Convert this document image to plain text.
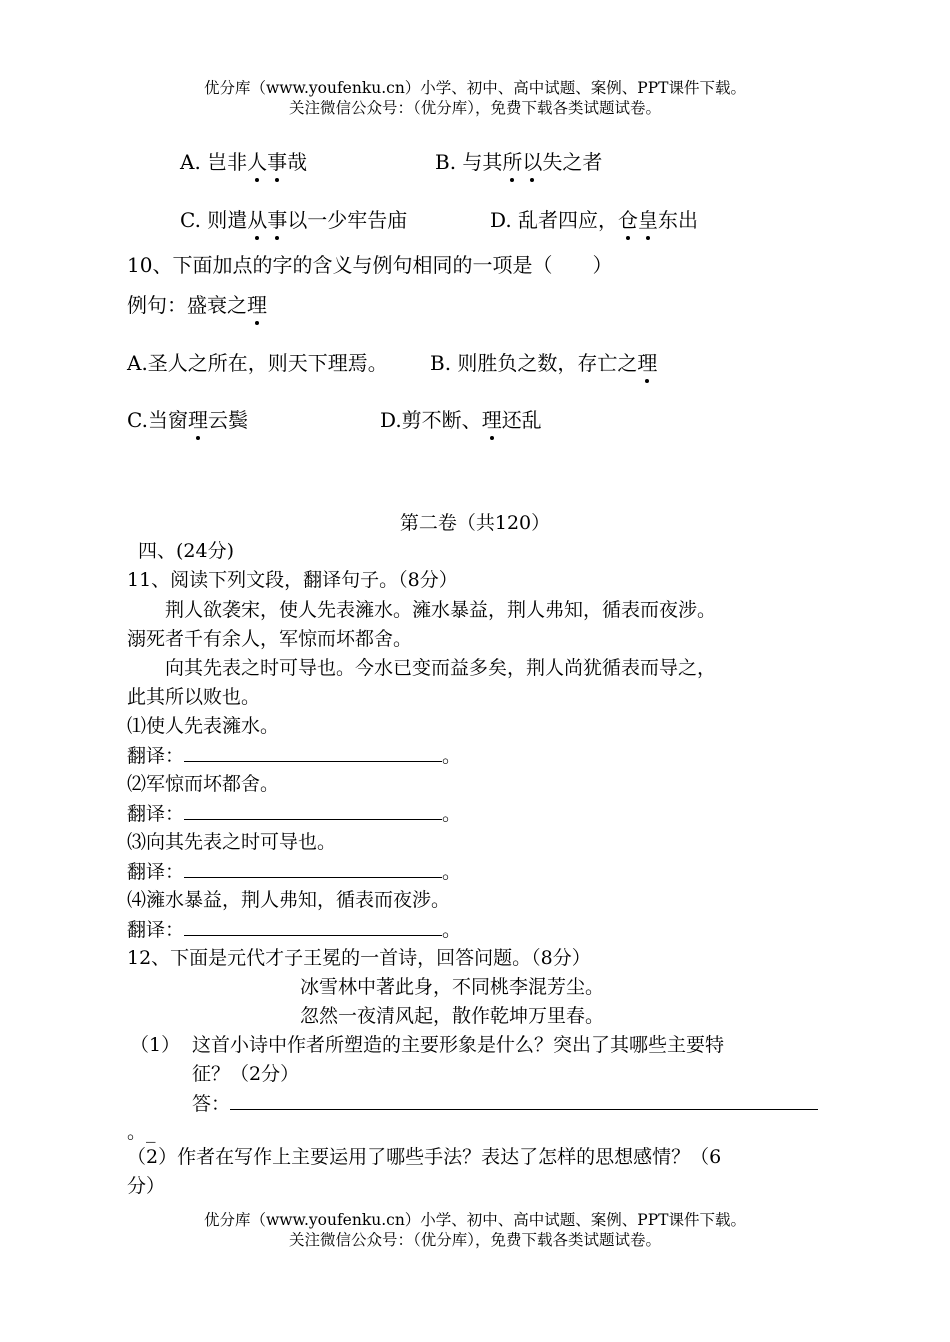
优分库（www.youfenku.cn）小学、初中、高中试题、案例、PPT课件下载。
关注微信公众号：（优分库），免费下载各类试题试卷。
A. 岂非人事哉	B. 与其所以失之者
C. 则遣从事以一少牢告庙	D. 乱者四应，仓皇东出
10、下面加点的字的含义与例句相同的一项是（　　）
例句：盛衰之理
A.圣人之所在，则天下理焉。 B. 则胜负之数，存亡之理
C.当窗理云鬓	D.剪不断、理还乱
第二卷（共120）
四、(24分)
11、阅读下列文段，翻译句子。（8分）
荆人欲袭宋，使人先表澭水。澭水暴益，荆人弗知，循表而夜涉。
溺死者千有余人，军惊而坏都舍。
向其先表之时可导也。今水已变而益多矣，荆人尚犹循表而导之，
此其所以败也。
⑴使人先表澭水。
翻译：	。
⑵军惊而坏都舍。
翻译：	。
⑶向其先表之时可导也。
翻译：	。
⑷澭水暴益，荆人弗知，循表而夜涉。
翻译：	。
12、下面是元代才子王冕的一首诗，回答问题。（8分）
冰雪林中著此身，不同桃李混芳尘。
忽然一夜清风起，散作乾坤万里春。
（1） 这首小诗中作者所塑造的主要形象是什么？突出了其哪些主要特
征？（2分）
答：
。_
（2）作者在写作上主要运用了哪些手法？表达了怎样的思想感情？（6
分）
优分库（www.youfenku.cn）小学、初中、高中试题、案例、PPT课件下载。
关注微信公众号：（优分库），免费下载各类试题试卷。
